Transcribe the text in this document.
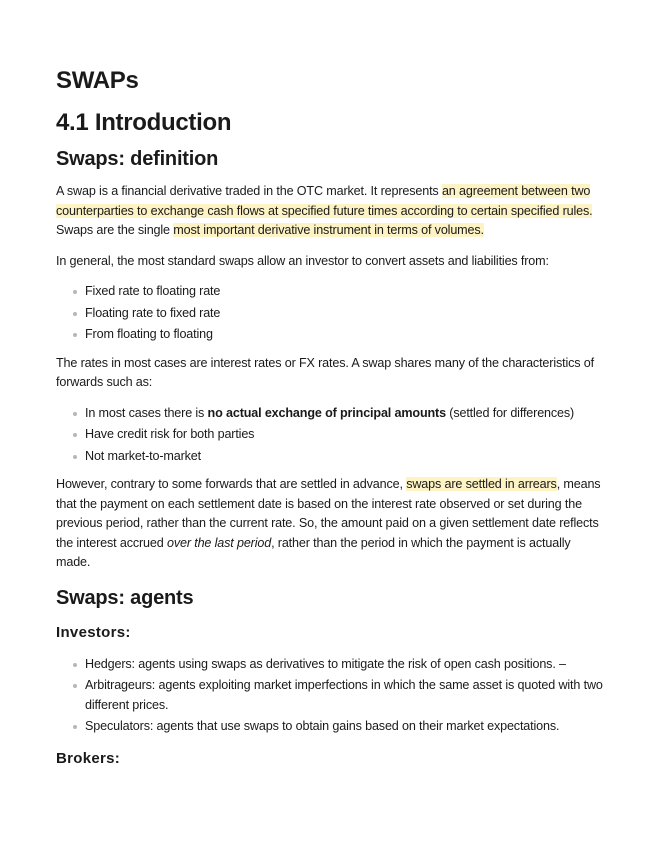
SWAPs
4.1 Introduction
Swaps: definition

A swap is a financial derivative traded in the OTC market. It represents an agreement between two counterparties to exchange cash flows at specified future times according to certain specified rules. Swaps are the single most important derivative instrument in terms of volumes.

In general, the most standard swaps allow an investor to convert assets and liabilities from:

Fixed rate to floating rate
Floating rate to fixed rate
From floating to floating

The rates in most cases are interest rates or FX rates. A swap shares many of the characteristics of forwards such as:

In most cases there is no actual exchange of principal amounts (settled for differences)
Have credit risk for both parties
Not market-to-market

However, contrary to some forwards that are settled in advance, swaps are settled in arrears, means that the payment on each settlement date is based on the interest rate observed or set during the previous period, rather than the current rate. So, the amount paid on a given settlement date reflects the interest accrued over the last period, rather than the period in which the payment is actually made.

Swaps: agents
Investors:
Hedgers: agents using swaps as derivatives to mitigate the risk of open cash positions. –
Arbitrageurs: agents exploiting market imperfections in which the same asset is quoted with two different prices.
Speculators: agents that use swaps to obtain gains based on their market expectations.
Brokers:
